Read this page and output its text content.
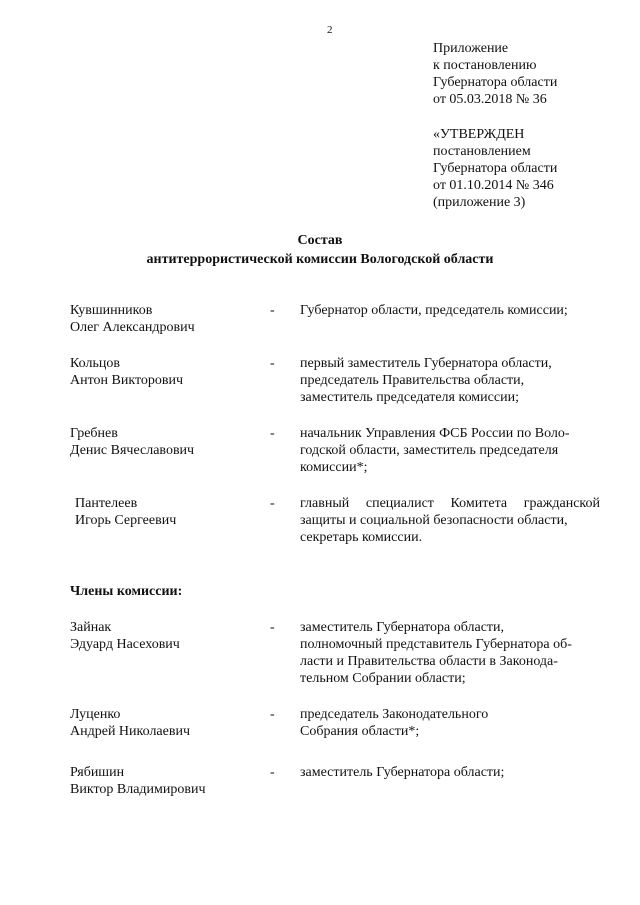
2
Приложение
к постановлению
Губернатора области
от 05.03.2018 № 36
«УТВЕРЖДЕН
постановлением
Губернатора области
от 01.10.2014 № 346
(приложение 3)
Состав
антитеррористической комиссии Вологодской области
Кувшинников
Олег Александрович
- Губернатор области, председатель комиссии;
Кольцов
Антон Викторович
- первый заместитель Губернатора области,
председатель Правительства области,
заместитель председателя комиссии;
Гребнев
Денис Вячеславович
- начальник Управления ФСБ России по Воло-
годской области, заместитель председателя
комиссии*;
Пантелеев
Игорь Сергеевич
- главный специалист Комитета гражданской
защиты и социальной безопасности области,
секретарь комиссии.
Члены комиссии:
Зайнак
Эдуард Насехович
- заместитель Губернатора области,
полномочный представитель Губернатора об-
ласти и Правительства области в Законода-
тельном Собрании области;
Луценко
Андрей Николаевич
- председатель Законодательного
Собрания области*;
Рябишин
Виктор Владимирович
- заместитель Губернатора области;
